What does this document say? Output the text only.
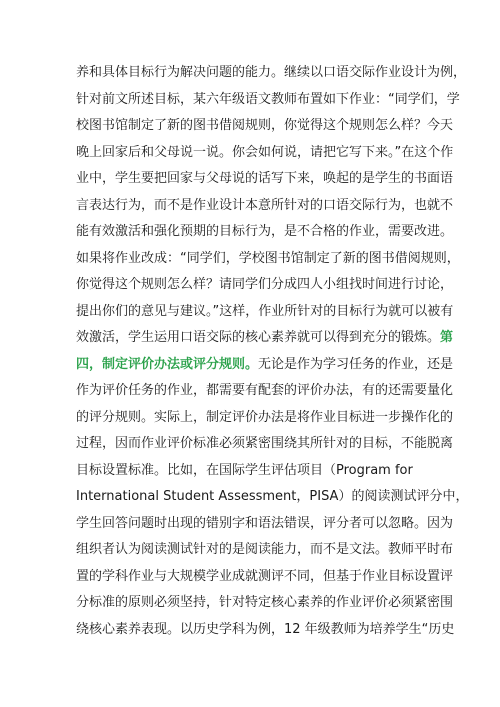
养和具体目标行为解决问题的能力。继续以口语交际作业设计为例，
针对前文所述目标，某六年级语文教师布置如下作业：“同学们，学
校图书馆制定了新的图书借阅规则，你觉得这个规则怎么样？今天
晚上回家后和父母说一说。你会如何说，请把它写下来。”在这个作
业中，学生要把回家与父母说的话写下来，唤起的是学生的书面语
言表达行为，而不是作业设计本意所针对的口语交际行为，也就不
能有效激活和强化预期的目标行为，是不合格的作业，需要改进。
如果将作业改成：“同学们，学校图书馆制定了新的图书借阅规则，
你觉得这个规则怎么样？请同学们分成四人小组找时间进行讨论，
提出你们的意见与建议。”这样，作业所针对的目标行为就可以被有
效激活，学生运用口语交际的核心素养就可以得到充分的锻炼。第
四，制定评价办法或评分规则。无论是作为学习任务的作业，还是
作为评价任务的作业，都需要有配套的评价办法，有的还需要量化
的评分规则。实际上，制定评价办法是将作业目标进一步操作化的
过程，因而作业评价标准必须紧密围绕其所针对的目标，不能脱离
目标设置标准。比如，在国际学生评估项目（Program for
International Student Assessment，PISA）的阅读测试评分中，
学生回答问题时出现的错别字和语法错误，评分者可以忽略。因为
组织者认为阅读测试针对的是阅读能力，而不是文法。教师平时布
置的学科作业与大规模学业成就测评不同，但基于作业目标设置评
分标准的原则必须坚持，针对特定核心素养的作业评价必须紧密围
绕核心素养表现。以历史学科为例，12 年级教师为培养学生“历史
